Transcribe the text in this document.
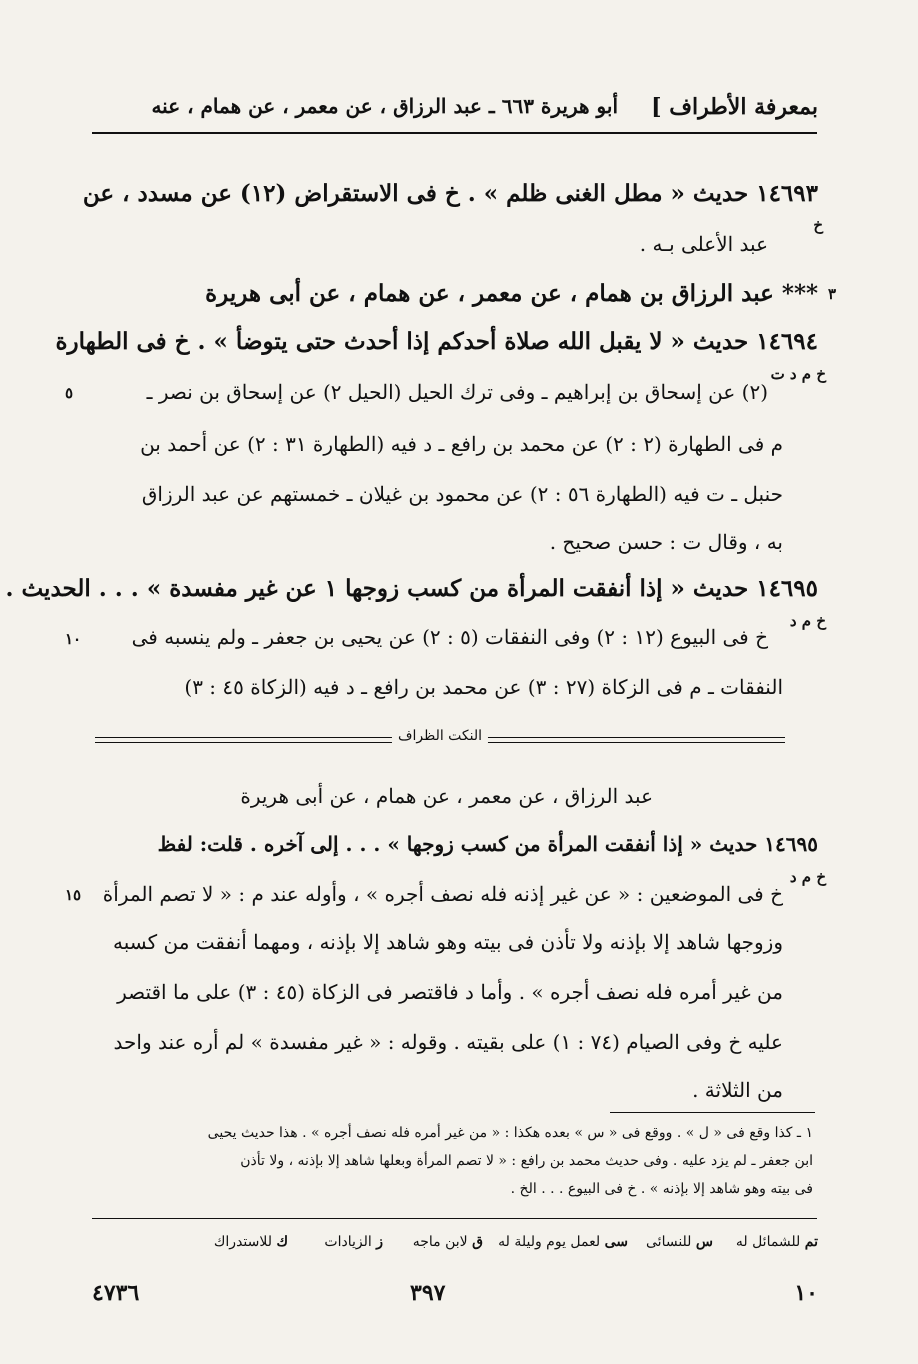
بمعرفة الأطراف ]
أبو هريرة ٦٦٣ ـ عبد الرزاق ، عن معمر ، عن همام ، عنه
١٤٦٩٣ حديث « مطل الغنى ظلم » . خ فى الاستقراض (١٢) عن مسدد ، عن
خ
عبد الأعلى بـه .
*** عبد الرزاق بن همام ، عن معمر ، عن همام ، عن أبى هريرة ٣
١٤٦٩٤ حديث « لا يقبل الله صلاة أحدكم إذا أحدث حتى يتوضأ » . خ فى الطهارة
خ م د ت
(٢) عن إسحاق بن إبراهيم ـ وفى ترك الحيل (الحيل ٢) عن إسحاق بن نصر ـ
٥
م فى الطهارة (٢ : ٢) عن محمد بن رافع ـ د فيه (الطهارة ٣١ : ٢) عن أحمد بن
حنبل ـ ت فيه (الطهارة ٥٦ : ٢) عن محمود بن غيلان ـ خمستهم عن عبد الرزاق
به ، وقال ت : حسن صحيح .
١٤٦٩٥ حديث « إذا أنفقت المرأة من كسب زوجها ١ عن غير مفسدة » . . . الحديث .
خ م د
خ فى البيوع (١٢ : ٢) وفى النفقات (٥ : ٢) عن يحيى بن جعفر ـ ولم ينسبه فى
١٠
النفقات ـ م فى الزكاة (٢٧ : ٣) عن محمد بن رافع ـ د فيه (الزكاة ٤٥ : ٣)
النكت الظراف
عبد الرزاق ، عن معمر ، عن همام ، عن أبى هريرة
١٤٦٩٥ حديث « إذا أنفقت المرأة من كسب زوجها » . . . إلى آخره . قلت: لفظ
خ م د
خ فى الموضعين : « عن غير إذنه فله نصف أجره » ، وأوله عند م : « لا تصم المرأة
١٥
وزوجها شاهد إلا بإذنه ولا تأذن فى بيته وهو شاهد إلا بإذنه ، ومهما أنفقت من كسبه
من غير أمره فله نصف أجره » . وأما د فاقتصر فى الزكاة (٤٥ : ٣) على ما اقتصر
عليه خ وفى الصيام (٧٤ : ١) على بقيته . وقوله : « غير مفسدة » لم أره عند واحد
من الثلاثة .
١ ـ كذا وقع فى « ل » . ووقع فى « س » بعده هكذا : « من غير أمره فله نصف أجره » . هذا حديث يحيى
ابن جعفر ـ لم يزد عليه . وفى حديث محمد بن رافع : « لا تصم المرأة وبعلها شاهد إلا بإذنه ، ولا تأذن
فى بيته وهو شاهد إلا بإذنه » . خ فى البيوع . . . الخ .
تم للشمائل له
س للنسائى
سى لعمل يوم وليلة له
ق لابن ماجه
ز الزيادات
ك للاستدراك
١٠
٣٩٧
٤٧٣٦
